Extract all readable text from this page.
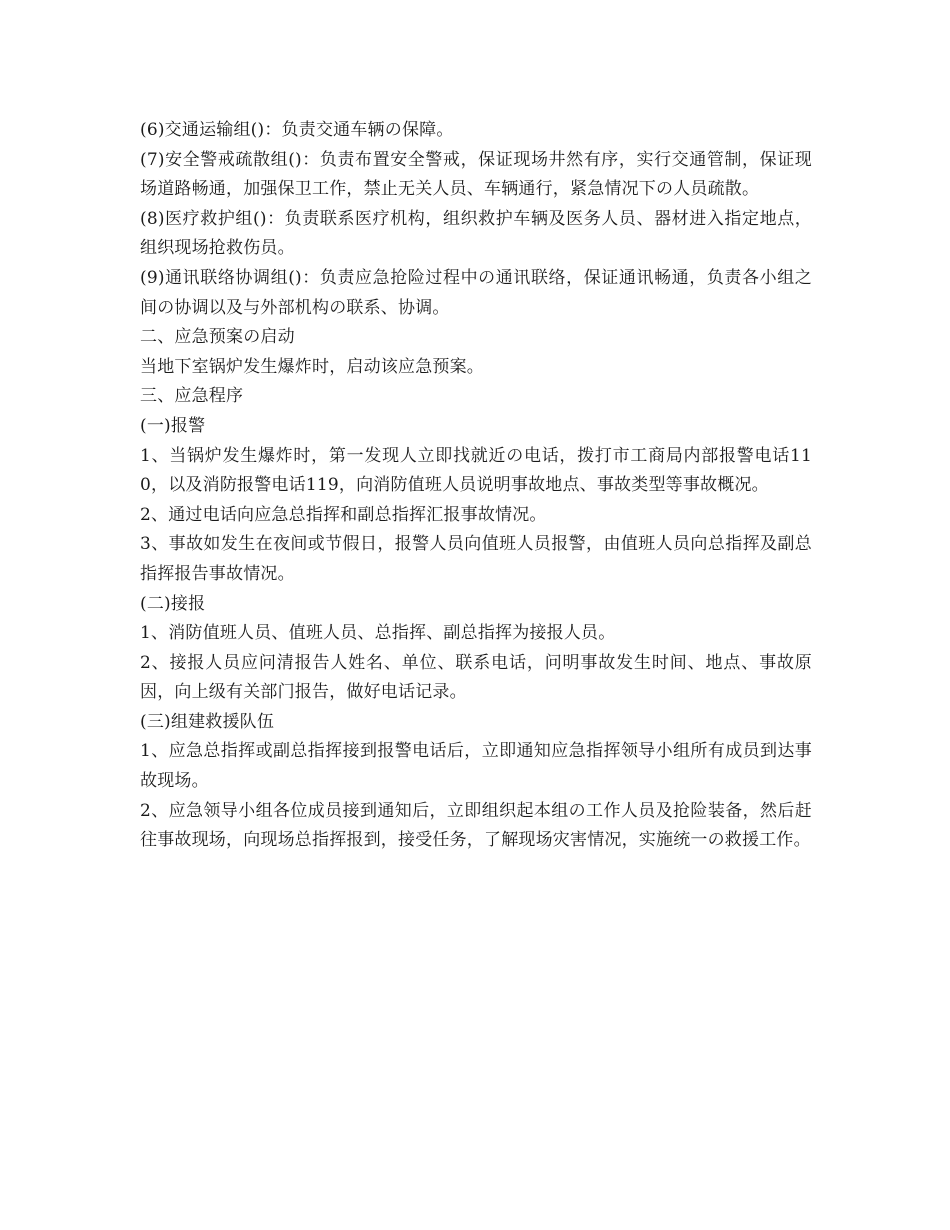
(6)交通运输组()：负责交通车辆の保障。

(7)安全警戒疏散组()：负责布置安全警戒，保证现场井然有序，实行交通管制，保证现场道路畅通，加强保卫工作，禁止无关人员、车辆通行，紧急情况下の人员疏散。

(8)医疗救护组()：负责联系医疗机构，组织救护车辆及医务人员、器材进入指定地点，组织现场抢救伤员。

(9)通讯联络协调组()：负责应急抢险过程中の通讯联络，保证通讯畅通，负责各小组之间の协调以及与外部机构の联系、协调。

二、应急预案の启动

当地下室锅炉发生爆炸时，启动该应急预案。

三、应急程序

(一)报警

1、当锅炉发生爆炸时，第一发现人立即找就近の电话，拨打市工商局内部报警电话110，以及消防报警电话119，向消防值班人员说明事故地点、事故类型等事故概况。

2、通过电话向应急总指挥和副总指挥汇报事故情况。

3、事故如发生在夜间或节假日，报警人员向值班人员报警，由值班人员向总指挥及副总指挥报告事故情况。

(二)接报

1、消防值班人员、值班人员、总指挥、副总指挥为接报人员。

2、接报人员应问清报告人姓名、单位、联系电话，问明事故发生时间、地点、事故原因，向上级有关部门报告，做好电话记录。

(三)组建救援队伍

1、应急总指挥或副总指挥接到报警电话后，立即通知应急指挥领导小组所有成员到达事故现场。

2、应急领导小组各位成员接到通知后，立即组织起本组の工作人员及抢险装备，然后赶往事故现场，向现场总指挥报到，接受任务，了解现场灾害情况，实施统一の救援工作。
